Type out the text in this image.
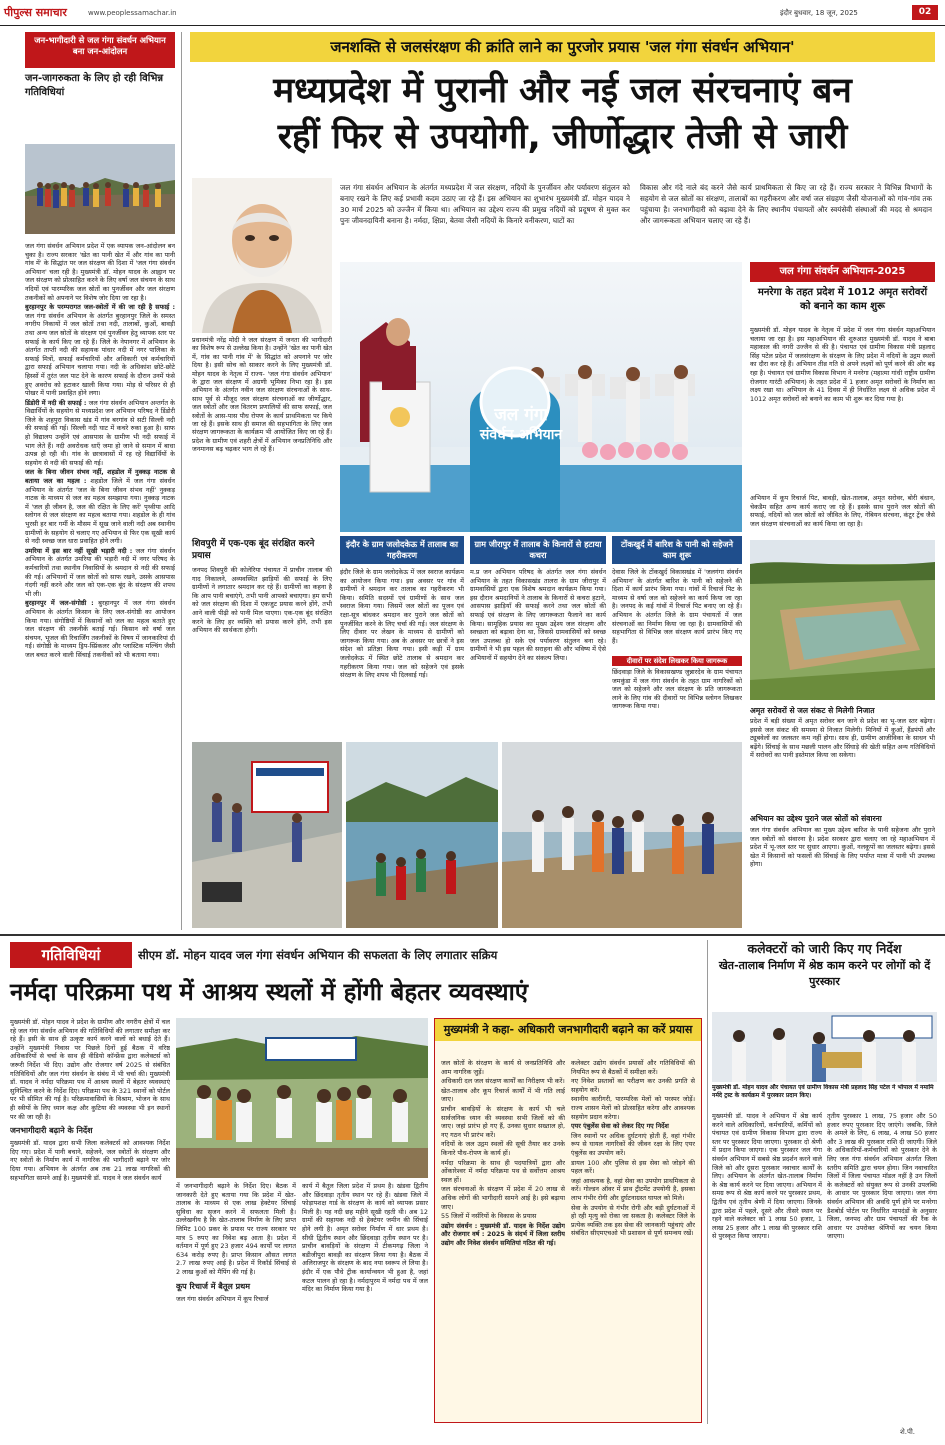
पीपुल्स समाचार	www.peoplessamachar.in	इंदौर बुधवार, 18 जून, 2025	02
जन-भागीदारी से जल गंगा संवर्धन अभियान बना जन-आंदोलन
जन-जागरुकता के लिए हो रही विभिन्न गतिविधियां

जल गंगा संवर्धन अभियान प्रदेश में एक व्यापक जन-आंदोलन बन चुका है। राज्य सरकार 'खेत का पानी खेत में और गांव का पानी गांव में' के सिद्धांत पर जल संरक्षण की दिशा में 'जल गंगा संवर्धन अभियान' चला रही है। मुख्यमंत्री डॉ. मोहन यादव के आह्वान पर जल संरक्षण को प्रोत्साहित करने के लिए वर्षा जल संचयन के साथ नदियों एवं पारम्परिक जल स्रोतों का पुनर्जीवन और जल संरक्षण तकनीकों को अपनाने पर विशेष जोर दिया जा रहा है।

बुरहानपुर के परम्परागत जल-स्त्रोतों में की जा रही है सफाई : जल गंगा संवर्धन अभियान के अंतर्गत बुरहानपुर जिले के समस्त नगरीय निकायों में जल स्रोतों तथा नदी, तालाबों, कुओं, बावड़ी तथा अन्य जल स्रोतों के संरक्षण एवं पुनर्जीवन हेतु व्यापक स्तर पर सफाई के कार्य किए जा रहे हैं। जिले के नेपानगर में अभियान के अंतर्गत ताप्ती नदी की सहायक पांधार नदी में नगर पालिका के सफाई मित्रों, सफाई कर्मचारियों और अधिकारी एवं कर्मचारियों द्वारा सफाई अभियान चलाया गया। नदी के अधिकांश छोटे-छोटे हिस्सों में तुरंत जल पाट देने के कारण सफाई के दौरान उनमें फंसे हुए अवरोध को हटाकर खाली किया गया। मोड़ से परिसर से ही पोखर में पानी प्रवाहित होने लगा।

डिंडोरी में नदी की सफाई : जल गंगा संवर्धन अभियान अन्तर्गत के विद्यार्थियों के सहयोग से मध्यप्रदेश जन अभियान परिषद ने डिंडोरी जिले के शहपुरा विकास खंड में गांव बरगांव से सटी सिल्ली नदी की सफाई की गई। सिल्ली नदी घाट में कचरे रुका हुआ है। साफ हो विद्यालय उन्होंने एवं आसपास के ग्रामीण भी नदी सफाई में भाग लेते हैं। नदी अवरोधक धाएँ जमा हो जाने से समान में बाधा उत्पन्न हो रही थी। गांव के छात्रावासों में रह रहे विद्यार्थियों के सहयोग से नदी की सफाई की गई।

जल के बिना जीवन संभव नहीं, शहडोल में नुक्कड़ नाटक से बताया जल का महत्व : शहडोल जिले में जल गंगा संवर्धन अभियान के अंतर्गत 'जल के बिना जीवन संभव नहीं' नुक्कड़ नाटक के माध्यम से जल का महत्व समझाया गया। नुक्कड़ नाटक में 'जल ही जीवन है, जल की रक्षित के लिए करें' पृथ्वीया आदि स्लोगन से जल संरक्षण का महत्व बताया गया। शहडोल के ही गांव भुरसी हर बार गर्मी के मौसम में सूख जाने वाली नदी अब स्थानीय ग्रामीणों के सहयोग से चलाए गए अभियान से फिर एक सूखी कार्य से नदी स्वच्छ जल धारा प्रवाहित होने लगी।

उमरिया में इस बार नहीं सूखी भड़ारी नदी : जल गंगा संवर्धन अभियान के अंतर्गत उमरिया की भड़ारी नदी में नगर परिषद के कर्मचारियों तथा स्थानीय निवासियों के श्रमदान से नदी की सफाई की गई। अभियानों में जल स्रोतों को साफ रखने, उसके आसपास गंदगी नहीं करने और जल को एक-एक बूंद के संरक्षण की शपथ भी ली।

बुरहानपुर में जल-संगोष्ठी : बुरहानपुर में जल गंगा संवर्धन अभियान के अंतर्गत किसान के लिए जल-संगोष्ठी का आयोजन किया गया। संगोष्ठियों में किसानों को जल का महत्व बताते हुए जल संरक्षण की तकनीकें बताई गई। किसान को वर्षा जल संचयन, भूजल की रिचार्जिंग तकनीकों के विषय में जानकारियां दी गईं। संगोष्ठी के माध्यम ड्रिप-स्प्रिंकलर और प्लास्टिक मल्चिंग जैसी जल बचत करने वाली सिंचाई तकनीकों को भी बताया गया।

जनशक्ति से जलसंरक्षण की क्रांति लाने का पुरजोर प्रयास 'जल गंगा संवर्धन अभियान'
मध्यप्रदेश में पुरानी और नई जल संरचनाएं बन
रहीं फिर से उपयोगी, जीर्णोद्धार तेजी से जारी
जल गंगा संवर्धन अभियान के अंतर्गत मध्यप्रदेश में जल संरक्षण, नदियों के पुनर्जीवन और पर्यावरण संतुलन को बनाए रखने के लिए कई प्रभावी कदम उठाए जा रहे हैं। इस अभियान का शुभारंभ मुख्यमंत्री डॉ. मोहन यादव ने 30 मार्च 2025 को उज्जैन में किया था। अभियान का उद्देश्य राज्य की प्रमुख नदियों को प्रदूषण से मुक्त कर पुनः जीवनदायिनी बनाना है। नर्मदा, क्षिप्रा, बेतवा जैसी नदियों के किनारे वनीकरण, घाटों का
विकास और गंदे नाले बंद करने जैसे कार्य प्राथमिकता से किए जा रहे हैं। राज्य सरकार ने विभिन्न विभागों के सहयोग से जल स्रोतों का संरक्षण, तालाबों का गहरीकरण और वर्षा जल संग्रहण जैसी योजनाओं को गांव-गांव तक पहुंचाया है। जनभागीदारी को बढ़ावा देने के लिए स्थानीय पंचायतों और स्वयंसेवी संस्थाओं की मदद से श्रमदान और जागरूकता अभियान चलाए जा रहे हैं।
प्रधानमंत्री नरेंद्र मोदी ने जल संरक्षण में जनता की भागीदारी का विशेष रूप से उल्लेख किया है। उन्होंने 'खेत का पानी खेत में, गांव का पानी गांव में' के सिद्धांत को अपनाने पर जोर दिया है। इसी सोच को साकार करने के लिए मुख्यमंत्री डॉ. मोहन यादव के नेतृत्व में राज्य- 'जल गंगा संवर्धन अभियान' के द्वारा जल संरक्षण में अग्रणी भूमिका निभा रहा है। इस अभियान के अंतर्गत नवीन जल संरक्षण संरचनाओं के साथ-साथ पूर्व से मौजूद जल संरक्षण संरचनाओं का जीर्णोद्धार, जल स्त्रोतों और जल वितरण प्रणालियों की साफ सफाई, जल स्त्रोतों के आस-पास पौध रोपण के कार्य प्राथमिकता पर किये जा रहे हैं। इसके साथ ही समाज की सहभागिता के लिए जल संरक्षण जागरूकता के कार्यक्रम भी आयोजित किए जा रहे हैं। प्रदेश के ग्रामीण एवं शहरी क्षेत्रों में अभियान जनप्रतिनिधि और जनमानस बढ़ चढ़कर भाग ले रहे हैं।
जल गंगा
संवर्धन अभियान
जल गंगा संवर्धन अभियान-2025
मनरेगा के तहत प्रदेश में 1012 अमृत सरोवरों को बनाने का काम शुरू
मुख्यमंत्री डॉ. मोहन यादव के नेतृत्व में प्रदेश में जल गंगा संवर्धन महाअभियान चलाया जा रहा है। इस महाअभियान की शुरुआत मुख्यमंत्री डॉ. यादव ने बाबा महाकाल की नगरी उज्जैन से की है। पंचायत एवं ग्रामीण विकास मंत्री प्रहलाद सिंह पटेल प्रदेश में जलसंरक्षण के संरक्षण के लिए प्रदेश में नदियों के उद्गम स्थलों का दौरा कर रहे हैं। अभियान तीव्र गति से अपने लक्ष्यों को पूर्ण करने की ओर बढ़ रहा है। पंचायत एवं ग्रामीण विकास विभाग ने मनरेगा (महात्मा गांधी राष्ट्रीय ग्रामीण रोजगार गारंटी अभियान) के तहत प्रदेश में 1 हजार अमृत सरोवरों के निर्माण का लक्ष्य रखा था। अभियान के 41 दिवस में ही निर्धारित लक्ष्य से अधिक प्रदेश में 1012 अमृत सरोवरों को बनाने का काम भी शुरू कर दिया गया है।
अभियान में कूप रिचार्ज पिट, बावड़ी, खेत-तालाब, अमृत सरोवर, बोरी बंधान, चेकडैम सहित अन्य कार्य कराए जा रहे हैं। इसके साथ पुराने जल स्रोतों की सफाई, नदियों को जल स्रोतों को जीवित के लिए, गेबियन संरचना, कंटूर ट्रेंच जैसे जल संरक्षण संरचनाओं का कार्य किया जा रहा है।
अमृत सरोवरों से जल संकट से मिलेगी निजात
प्रदेश में बड़ी संख्या में अमृत सरोवर बन जाने से प्रदेश का भू-जल स्तर बढ़ेगा। इससे जल संकट की समस्या से निजात मिलेगी। मिनियों में कुओं, हैंडपंपों और ट्यूबवेलों का जलस्तर कम नहीं होगा। साथ ही, ग्रामीण आजीविका के साधन भी बढ़ेंगे। सिंचाई के साथ मछली पालन और सिंघाड़े की खेती सहित अन्य गतिविधियों में सरोवरों का पानी इस्तेमाल किया जा सकेगा।
अभियान का उद्देश्य पुराने जल स्रोतों को संवारना
जल गंगा संवर्धन अभियान का मुख्य उद्देश्य बारिश के पानी सहेजना और पुराने जल स्त्रोतों को संवारना है। प्रदेश सरकार द्वारा चलाए जा रहे महाअभियान में प्रदेश में भू-जल स्तर पर सुधार आएगा। कुओं, नलकूपों का जलस्तर बढ़ेगा। इससे खेत में किसानों को फसलों की सिंचाई के लिए पर्याप्त मात्रा में पानी भी उपलब्ध होगा।
शिवपुरी में एक-एक बूंद संरक्षित करने प्रयास
जनपद शिवपुरी की कोलेरिया पंचायत में प्राचीन तालाब की गाद निकालने, अव्यवस्थित झाड़ियों की सफाई के लिए ग्रामीणों ने लगातार श्रमदान कर रहे हैं। ग्रामीणों का कहना है कि आप पानी बचाएंगे, तभी पानी आपको बचाएगा। हम सभी को जल संरक्षण की दिशा में एकजुट प्रयास करने होंगे, तभी आने वाली पीढ़ी को पानी मिल पाएगा। एक-एक बूंद संरक्षित करने के लिए हर व्यक्ति को प्रयास करने होंगे, तभी इस अभियान की सार्थकता होगी।
इंदौर के ग्राम जलोदकेऊ में तालाब का गहरीकरण
इंदौर जिले के ग्राम जलोदकेऊ में जल स्वराज कार्यक्रम का आयोजन किया गया। इस अवसर पर गांव में ग्रामीणों ने श्रमदान कर तालाब का गहरीकरण भी किया। समिति सदस्यों एवं ग्रामीणों के साथ जल स्वराज किया गया। जिसमें जल स्रोतों का पूजन एवं रक्षा-सूत्र बांधकर श्रमदान कर पुराने जल स्रोतों को पुनर्जीवित करने के लिए चर्चा की गई। जल संरक्षण के लिए दीवार पर लेखन के माध्यम से ग्रामीणों को जागरूक किया गया। अब के अवसर पर छात्रों ने इस संदेश को प्रतिज्ञा किया गया। इसी कड़ी में ग्राम जलोदकेऊ में स्थित छोटे तालाब से श्रमदान कर गहरीकरण किया गया। जल को सहेजने एवं इसके संरक्षण के लिए शपथ भी दिलवाई गई।
ग्राम जीरापुर में तालाब के किनारों से हटाया कचरा
म.प्र जन अभियान परिषद के अंतर्गत जल गंगा संवर्धन अभियान के तहत विकासखंड तालरा के ग्राम जीरापुर में ग्रामवासियों द्वारा एक विशेष श्रमदान कार्यक्रम किया गया। इस दौरान श्रमदानियों ने तालाब के किनारों से कचरा हटाने, आसपास झाड़ियाँ की सफाई करने तथा जल स्रोतों की सफाई एवं संरक्षण के लिए जागरूकता फैलाने का कार्य किया। सामूहिक प्रयास का मुख्य उद्देश्य जल संरक्षण और स्वच्छता को बढ़ावा देना था, जिससे ग्रामवासियों को स्वच्छ जल उपलब्ध हो सके एवं पर्यावरण संतुलन बना रहे। ग्रामीणों ने भी इस पहल की सराहना की और भविष्य में ऐसे अभियानों में सहयोग देने का संकल्प लिया।
टोंकखुर्द में बारिश के पानी को सहेजने काम शुरू
देवास जिले के टोंकखुर्द विकासखंड में 'जलगंगा संवर्धन अभियान' के अंतर्गत बारिश के पानी को सहेजने की दिशा में कार्य प्रारंभ किया गया। गांवों में रिचार्ज पिट के माध्यम से वर्षा जल को सहेजने का कार्य किया जा रहा है। जनपद के कई गांवों में रिचार्ज पिट बनाए जा रहे हैं। अभियान के अंतर्गत जिले के ग्राम पंचायतों में जल संरचनाओं का निर्माण किया जा रहा है। ग्रामवासियों की सहभागिता से विभिन्न जल संरक्षण कार्य प्रारंभ किए गए हैं।
दीवारों पर संदेश लिखकर किया जागरूक
छिंदवाड़ा जिले के विकासखण्ड जुन्नारदेव के ग्राम पंचायत जमकुंडा में जल गंगा संवर्धन के तहत ग्राम नागरिकों को जल को सहेजने और जल संरक्षण के प्रति जागरूकता लाने के लिए गांव की दीवारों पर विभिन्न स्लोगन लिखकर जागरूक किया गया।
गतिविधियां	सीएम डॉ. मोहन यादव जल गंगा संवर्धन अभियान की सफलता के लिए लगातार सक्रिय
नर्मदा परिक्रमा पथ में आश्रय स्थलों में होंगी बेहतर व्यवस्थाएं

मुख्यमंत्री डॉ. मोहन यादव ने प्रदेश के ग्रामीण और नगरीय क्षेत्रों में चल रहे जल गंगा संवर्धन अभियान की गतिविधियों की लगातार समीक्षा कर रहे हैं। इसी के साथ ही उत्कृष्ट कार्य करने वालों को बधाई देते हैं। उन्होंने मुख्यमंत्री निवास पर पिछले दिनों हुई बैठक में वरिष्ठ अधिकारियों से चर्चा के साथ ही वीडियो कॉन्फ्रेंस द्वारा कलेक्टर्स को जरूरी निर्देश भी दिए। उद्योग और रोजगार वर्ष 2025 से संबंधित गतिविधियों और जल गंगा संवर्धन के संबंध में भी चर्चा की। मुख्यमंत्री डॉ. यादव ने नर्मदा परिक्रमा पथ में आश्रय स्थलों में बेहतर व्यवस्थाएं सुनिश्चित करने के निर्देश दिए। परिक्रमा पथ के 321 स्थानों को पोर्टल पर भी सीमित की गई है। परिक्रमावासियों के विश्राम, भोजन के साथ ही स्त्रीयों के लिए ध्यान कक्ष और कुटिया की व्यवस्था भी इन स्थानों पर की जा रही है।

जनभागीदारी बढ़ाने के निर्देश

मुख्यमंत्री डॉ. यादव द्वारा सभी जिला कलेक्टर्स को आवश्यक निर्देश दिए गए। प्रदेश में पानी बचाने, सहेजने, जल स्त्रोतों के संरक्षण और नए स्त्रोतों के निर्माण कार्य में नागरिक की भागीदारी बढ़ाने पर जोर दिया गया। अभियान के अंतर्गत अब तक 21 लाख नागरिकों की सहभागिता सामने आई है। मुख्यमंत्री डॉ. यादव ने जल संवर्धन कार्य

में जनभागीदारी बढ़ाने के निर्देश दिए। बैठक में जानकारी देते हुए बताया गया कि प्रदेश में खेत-तालाब के माध्यम से एक लाख हेक्टेयर सिंचाई सुविधा का सृजन करने में सफलता मिली है। उल्लेखनीय है कि खेत-तालाब निर्माण के लिए प्राप्त लिमिट 100 प्रकर के प्रयास पर राज्य सरकार पर मात्र 5 रुपए का निवेश बढ़ आता है। प्रदेश में वर्तमान में पूर्ण हुए 23 हजार 494 कार्यों पर लागत 634 करोड़ रुपए है। प्राप्त किसान औसत लागत 2.7 लाख रुपए आई है। प्रदेश में रिकॉर्ड सिंचाई से 2 लाख कुओं को मैपिंग की गई है।

कूप रिचार्ज में बैतूल प्रथम

जल गंगा संवर्धन अभियान में कूप रिचार्ज

कार्य में बैतूल जिला प्रदेश में प्रथम है। खंडवा द्वितीय और छिंदवाड़ा तृतीय स्थान पर रहे हैं। खंडवा जिले में फोड़ापशक्ष गार्ड के संरक्षण के कार्य को व्यापक प्रसार मिली है। यह नदी छह महीने सूखी रहती थी। अब 12 ग्रामों की सहायक नदी से हेक्टेयर जमीन की सिंचाई होने लगी है। अमृत सरोवर निर्माण में धार प्रथम है। सीधी द्वितीय स्थान और छिंदवाड़ा तृतीय स्थान पर है। प्राचीन बावड़ियों के संरक्षण में टीकमगढ़ जिला ने बडीजीपुरा बावड़ी का संरक्षण किया गया है। बैठक में अलिराजपुर के संरक्षण के बाद नया स्वरूप ले लिया है। इंदौर में एक पौधे ट्रीक कार्यान्वयन भी हुआ है, जहां कटल पालन हो रहा है। नर्मदापुरम में नर्मदा पथ में जल मंदिर का निर्माण किया गया है।
मुख्यमंत्री ने कहा- अधिकारी जनभागीदारी बढ़ाने का करें प्रयास

जल स्रोतों के संरक्षण के कार्य से जनप्रतिनिधि और आम नागरिक जुड़ें।

अधिकारी दल जल संरक्षण कार्यों का निरीक्षण भी करें।

खेत-तालाब और कूप रिचार्ज कार्यों में भी गति लाई जाए।

प्राचीन बावड़ियों के संरक्षण के कार्य भी चले सार्वजनिक ध्यान की व्यवस्था सभी जिलों को की जाए। जहां प्रारंभ हो गए हैं, उनका सुधार सख्ताल हो, नए गठन भी प्रारंभ करें।

नदियों के जल उद्गम स्थलों की सूची तैयार कर उनके किनारे पौध-रोपण के कार्य हों।

नर्मदा परिक्रमा के साथ ही पदयात्रियों द्वारा और ओंकारेश्वर में नर्मदा परिक्रमा पथ से सर्वोत्तम आश्रय स्थल हों।

जल संरचनाओं के संरक्षण में प्रदेश में 20 लाख से अधिक लोगों की भागीदारी सामने आई है। इसे बढ़ाया जाए।

55 जिलों में नर्सरियों के विकास के प्रयास

उद्योग संवर्धन : मुख्यमंत्री डॉ. यादव के निर्देश उद्योग और रोजगार वर्ष : 2025 के संदर्भ में जिला स्तरीय उद्योग और निवेश संवर्धन समितियां गठित की गई।

कलेक्टर उद्योग संवर्धन प्रयासों और गतिविधियों की नियमित रूप से बैठकों में समीक्षा करें।

नए निवेश प्रस्तावों का परीक्षण कर उनकी प्रगति से सहयोग करें।

स्थानीय कारीगरी, पारम्परिक मेलों को परस्पर जोड़ें। राज्य शासन मेलों को प्रोत्साहित करेगा और आवश्यक सहयोग प्रदान करेगा।

एयर एंबुलेंस सेवा को लेकर दिए गए निर्देश

जिन स्थानों पर अधिक दुर्घटनाएं होती हैं, वहां गंभीर रूप से घायल नागरिकों की जीवन रक्षा के लिए एयर एंबुलेंस का उपयोग करें।

डायल 100 और पुलिस से इस सेवा को जोड़ने की पहल करें।

जहां आवश्यक है, वहां सेवा का उपयोग प्राथमिकता से करें। गोल्डन ऑवर में प्राथ ट्रीटमेंट उपयोगी है, इसका लाभ गंभीर रोगी और दुर्घटनाग्रस्त घायल को मिले।

सेवा के उपयोग से गंभीर रोगी और बड़ी दुर्घटनाओं में हो रही मृत्यु को रोका जा सकता है। कलेक्टर जिले के प्रत्येक व्यक्ति तक इस सेवा की जानकारी पहुंचाएं और संबंधित सीएमएचओ भी प्रशासन से पूर्ण समन्वय रखें।

कलेक्टरों को जारी किए गए निर्देश
खेत-तालाब निर्माण में श्रेष्ठ काम करने पर लोगों को दें पुरस्कार
मुख्यमंत्री डॉ. मोहन यादव और पंचायत एवं ग्रामीण विकास मंत्री प्रहलाद सिंह पटेल ने भोपाल में नमामि नर्मदे ट्रस्ट के कार्यक्रम में पुरस्कार प्रदान किए।
मुख्यमंत्री डॉ. यादव ने अभियान में श्रेष्ठ कार्य करने वाले अधिकारियों, कर्मचारियों, कर्मियों को पंचायत एवं ग्रामीण विकास विभाग द्वारा राज्य स्तर पर पुरस्कार दिया जाएगा। पुरस्कार दो श्रेणी में प्रदान किया जाएगा। एक पुरस्कार जल गंगा संवर्धन अभियान में सबसे श्रेष्ठ प्रदर्शन करने वाले जिले को और दूसरा पुरस्कार नवाचार कार्यों के लिए। अभियान के अंतर्गत खेत-तालाब निर्माण के श्रेष्ठ कार्य करने पर दिया जाएगा। अभियान में समग्र रूप से श्रेष्ठ कार्य करने पर पुरस्कार प्रथम, द्वितीय एवं तृतीय श्रेणी में दिया जाएगा। जिनके द्वारा प्रदेश में पहले, दूसरे और तीसरे स्थान पर रहने वाले कलेक्टर को 1 लाख 50 हजार, 1 लाख 25 हजार और 1 लाख की पुरस्कार राशि से पुरस्कृत किया जाएगा।
तृतीय पुरस्कार 1 लाख, 75 हजार और 50 हजार रुपए पुरस्कार दिए जाएंगे। जबकि, जिले के अमले के लिए, 6 लाख, 4 लाख 50 हजार और 3 लाख की पुरस्कार राशि दी जाएगी। जिले के अधिकारियों-कर्मचारियों को पुरस्कार देने के लिए जल गंगा संवर्धन अभियान अंतर्गत जिला स्तरीय समिति द्वारा चयन होगा। जिन नवाचारित जिलों में जिला पंचायत मॉडल नहीं है उन जिलों के कलेक्टरों को संयुक्त रूप से उनकी उपलब्धि के आधार पर पुरस्कार दिया जाएगा। जल गंगा संवर्धन अभियान की अवधि पूर्ण होने पर मनरेगा डैशबोर्ड पोर्टल पर निर्धारित मापदंडों के अनुसार जिला, जनपद और ग्राम पंचायतों की रैंक के आधार पर उपरोक्त श्रेणियों का चयन किया जाएगा।
शे.पी.
